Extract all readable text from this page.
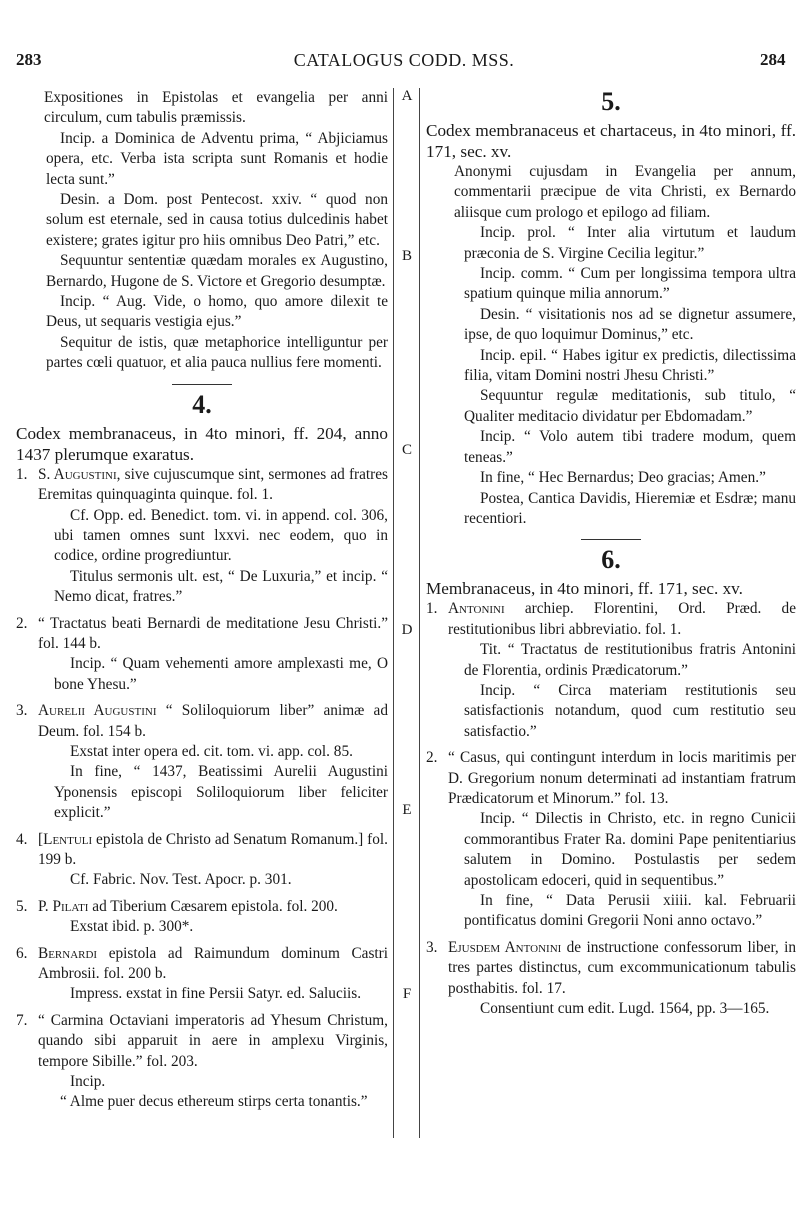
283	CATALOGUS CODD. MSS.	284
A
B
C
D
E
F

Expositiones in Epistolas et evangelia per anni circulum, cum tabulis præmissis.

Incip. a Dominica de Adventu prima, “ Abjiciamus opera, etc. Verba ista scripta sunt Romanis et hodie lecta sunt.”

Desin. a Dom. post Pentecost. xxiv. “ quod non solum est eternale, sed in causa totius dulcedinis habet existere; grates igitur pro hiis omnibus Deo Patri,” etc.

Sequuntur sententiæ quædam morales ex Augustino, Bernardo, Hugone de S. Victore et Gregorio desumptæ.

Incip. “ Aug. Vide, o homo, quo amore dilexit te Deus, ut sequaris vestigia ejus.”

Sequitur de istis, quæ metaphorice intelliguntur per partes cœli quatuor, et alia pauca nullius fere momenti.

4.

Codex membranaceus, in 4to minori, ff. 204, anno 1437 plerumque exaratus.

1. S. Augustini, sive cujuscumque sint, sermones ad fratres Eremitas quinquaginta quinque. fol. 1.

Cf. Opp. ed. Benedict. tom. vi. in append. col. 306, ubi tamen omnes sunt lxxvi. nec eodem, quo in codice, ordine progrediuntur.

Titulus sermonis ult. est, “ De Luxuria,” et incip. “ Nemo dicat, fratres.”

2. “ Tractatus beati Bernardi de meditatione Jesu Christi.” fol. 144 b.

Incip. “ Quam vehementi amore amplexasti me, O bone Yhesu.”

3. Aurelii Augustini “ Soliloquiorum liber” animæ ad Deum. fol. 154 b.

Exstat inter opera ed. cit. tom. vi. app. col. 85.

In fine, “ 1437, Beatissimi Aurelii Augustini Yponensis episcopi Soliloquiorum liber feliciter explicit.”

4. [Lentuli epistola de Christo ad Senatum Romanum.] fol. 199 b.

Cf. Fabric. Nov. Test. Apocr. p. 301.

5. P. Pilati ad Tiberium Cæsarem epistola. fol. 200.

Exstat ibid. p. 300*.

6. Bernardi epistola ad Raimundum dominum Castri Ambrosii. fol. 200 b.

Impress. exstat in fine Persii Satyr. ed. Saluciis.

7. “ Carmina Octaviani imperatoris ad Yhesum Christum, quando sibi apparuit in aere in amplexu Virginis, tempore Sibille.” fol. 203.

Incip.

“ Alme puer decus ethereum stirps certa tonantis.”

5.

Codex membranaceus et chartaceus, in 4to minori, ff. 171, sec. xv.

Anonymi cujusdam in Evangelia per annum, commentarii præcipue de vita Christi, ex Bernardo aliisque cum prologo et epilogo ad filiam.

Incip. prol. “ Inter alia virtutum et laudum præconia de S. Virgine Cecilia legitur.”

Incip. comm. “ Cum per longissima tempora ultra spatium quinque milia annorum.”

Desin. “ visitationis nos ad se dignetur assumere, ipse, de quo loquimur Dominus,” etc.

Incip. epil. “ Habes igitur ex predictis, dilectissima filia, vitam Domini nostri Jhesu Christi.”

Sequuntur regulæ meditationis, sub titulo, “ Qualiter meditacio dividatur per Ebdomadam.”

Incip. “ Volo autem tibi tradere modum, quem teneas.”

In fine, “ Hec Bernardus; Deo gracias; Amen.”

Postea, Cantica Davidis, Hieremiæ et Esdræ; manu recentiori.

6.

Membranaceus, in 4to minori, ff. 171, sec. xv.

1. Antonini archiep. Florentini, Ord. Præd. de restitutionibus libri abbreviatio. fol. 1.

Tit. “ Tractatus de restitutionibus fratris Antonini de Florentia, ordinis Prædicatorum.”

Incip. “ Circa materiam restitutionis seu satisfactionis notandum, quod cum restitutio seu satisfactio.”

2. “ Casus, qui contingunt interdum in locis maritimis per D. Gregorium nonum determinati ad instantiam fratrum Prædicatorum et Minorum.” fol. 13.

Incip. “ Dilectis in Christo, etc. in regno Cunicii commorantibus Frater Ra. domini Pape penitentiarius salutem in Domino. Postulastis per sedem apostolicam edoceri, quid in sequentibus.”

In fine, “ Data Perusii xiiii. kal. Februarii pontificatus domini Gregorii Noni anno octavo.”

3. Ejusdem Antonini de instructione confessorum liber, in tres partes distinctus, cum excommunicationum tabulis posthabitis. fol. 17.

Consentiunt cum edit. Lugd. 1564, pp. 3—165.
